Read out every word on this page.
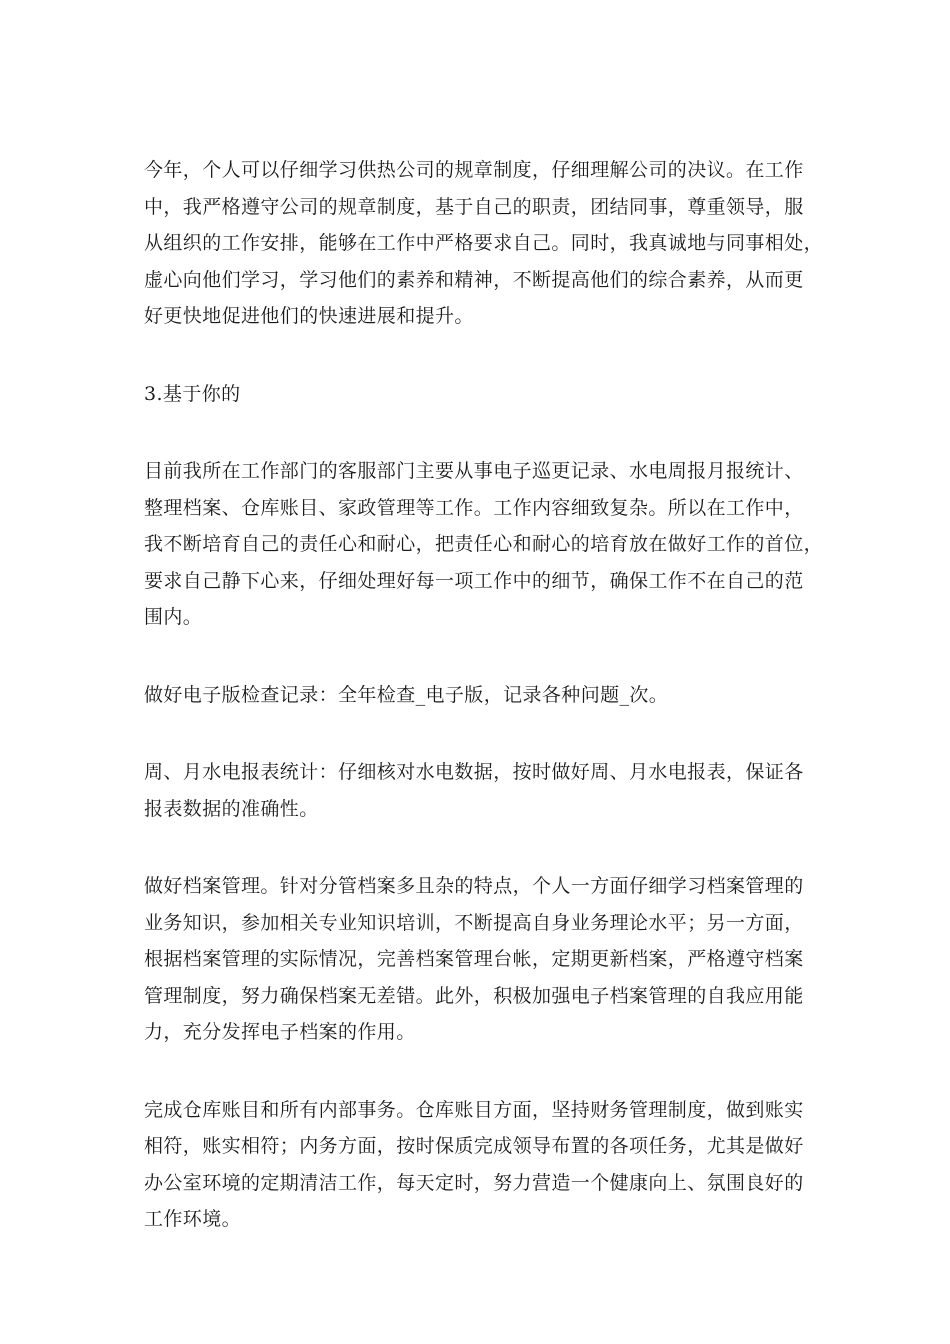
今年，个人可以仔细学习供热公司的规章制度，仔细理解公司的决议。在工作
中，我严格遵守公司的规章制度，基于自己的职责，团结同事，尊重领导，服
从组织的工作安排，能够在工作中严格要求自己。同时，我真诚地与同事相处，
虚心向他们学习，学习他们的素养和精神，不断提高他们的综合素养，从而更
好更快地促进他们的快速进展和提升。

3.基于你的

目前我所在工作部门的客服部门主要从事电子巡更记录、水电周报月报统计、
整理档案、仓库账目、家政管理等工作。工作内容细致复杂。所以在工作中，
我不断培育自己的责任心和耐心，把责任心和耐心的培育放在做好工作的首位，
要求自己静下心来，仔细处理好每一项工作中的细节，确保工作不在自己的范
围内。

做好电子版检查记录：全年检查_电子版，记录各种问题_次。

周、月水电报表统计：仔细核对水电数据，按时做好周、月水电报表，保证各
报表数据的准确性。

做好档案管理。针对分管档案多且杂的特点，个人一方面仔细学习档案管理的
业务知识，参加相关专业知识培训，不断提高自身业务理论水平；另一方面，
根据档案管理的实际情况，完善档案管理台帐，定期更新档案，严格遵守档案
管理制度，努力确保档案无差错。此外，积极加强电子档案管理的自我应用能
力，充分发挥电子档案的作用。

完成仓库账目和所有内部事务。仓库账目方面，坚持财务管理制度，做到账实
相符，账实相符；内务方面，按时保质完成领导布置的各项任务，尤其是做好
办公室环境的定期清洁工作，每天定时，努力营造一个健康向上、氛围良好的
工作环境。
